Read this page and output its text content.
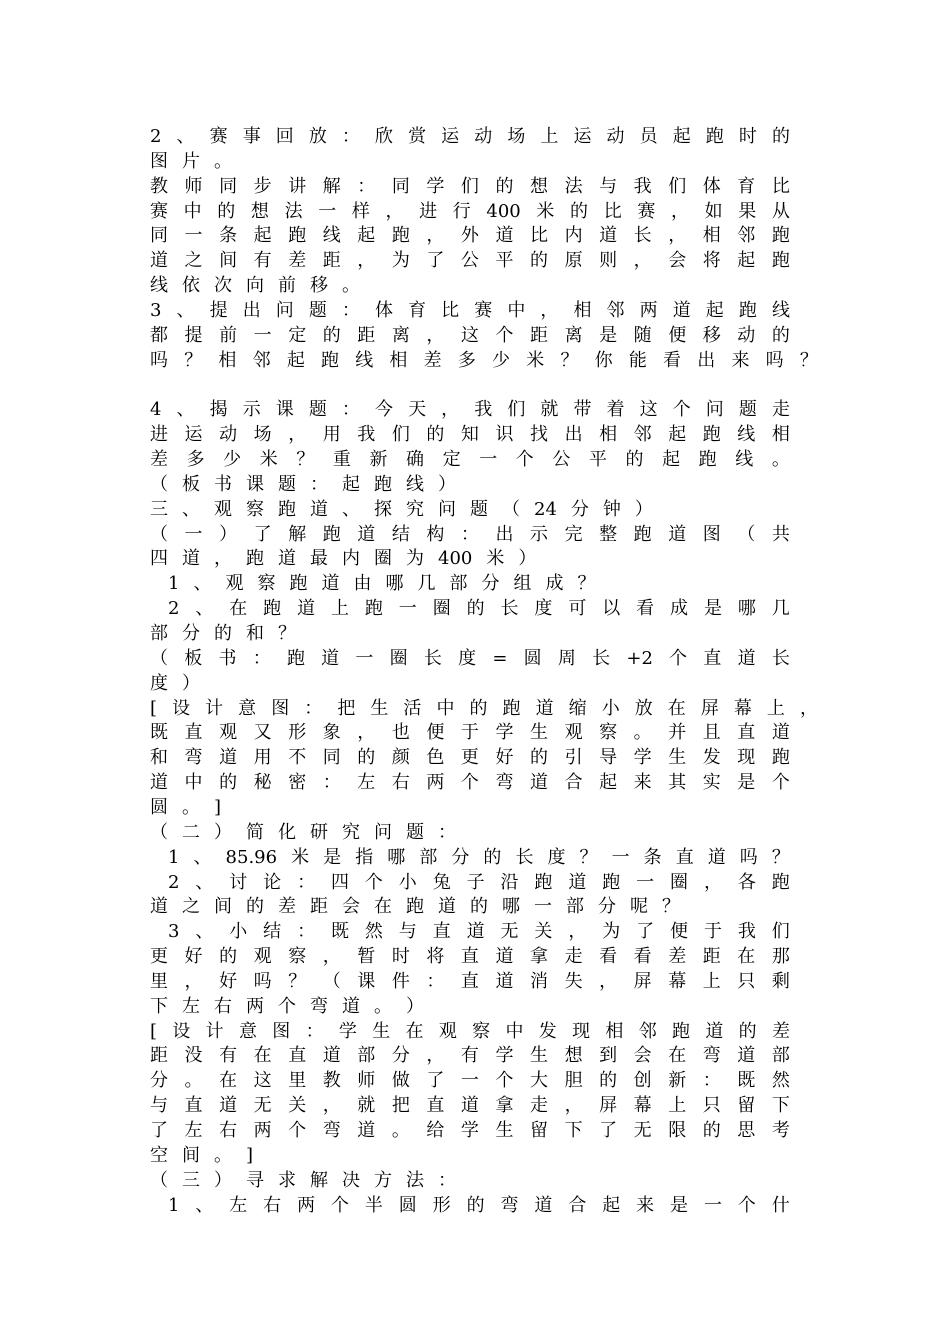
2 、 赛 事 回 放 ： 欣 赏 运 动 场 上 运 动 员 起 跑 时 的
图 片 。
教 师 同 步 讲 解 ： 同 学 们 的 想 法 与 我 们 体 育 比
赛 中 的 想 法 一 样 ， 进 行 400 米 的 比 赛 ， 如 果 从
同 一 条 起 跑 线 起 跑 ， 外 道 比 内 道 长 ， 相 邻 跑
道 之 间 有 差 距 ， 为 了 公 平 的 原 则 ， 会 将 起 跑
线 依 次 向 前 移 。
3 、 提 出 问 题 ： 体 育 比 赛 中 ， 相 邻 两 道 起 跑 线
都 提 前 一 定 的 距 离 ， 这 个 距 离 是 随 便 移 动 的
吗 ？ 相 邻 起 跑 线 相 差 多 少 米 ？ 你 能 看 出 来 吗 ？
4 、 揭 示 课 题 ： 今 天 ， 我 们 就 带 着 这 个 问 题 走
进 运 动 场 ， 用 我 们 的 知 识 找 出 相 邻 起 跑 线 相
差 多 少 米 ？ 重 新 确 定 一 个 公 平 的 起 跑 线 。
（ 板 书 课 题 ： 起 跑 线 ）
三 、 观 察 跑 道 、 探 究 问 题 （ 24 分 钟 ）
（ 一 ） 了 解 跑 道 结 构 ： 出 示 完 整 跑 道 图 （ 共
四 道 ， 跑 道 最 内 圈 为 400 米 ）
1 、 观 察 跑 道 由 哪 几 部 分 组 成 ？
2 、 在 跑 道 上 跑 一 圈 的 长 度 可 以 看 成 是 哪 几
部 分 的 和 ？
（ 板 书 ： 跑 道 一 圈 长 度 = 圆 周 长 +2 个 直 道 长
度 ）
[ 设 计 意 图 ： 把 生 活 中 的 跑 道 缩 小 放 在 屏 幕 上 ，
既 直 观 又 形 象 ， 也 便 于 学 生 观 察 。 并 且 直 道
和 弯 道 用 不 同 的 颜 色 更 好 的 引 导 学 生 发 现 跑
道 中 的 秘 密 ： 左 右 两 个 弯 道 合 起 来 其 实 是 个
圆 。 ]
（ 二 ） 简 化 研 究 问 题 ：
1 、 85.96 米 是 指 哪 部 分 的 长 度 ？ 一 条 直 道 吗 ？
2 、 讨 论 ： 四 个 小 兔 子 沿 跑 道 跑 一 圈 ， 各 跑
道 之 间 的 差 距 会 在 跑 道 的 哪 一 部 分 呢 ？
3 、 小 结 ： 既 然 与 直 道 无 关 ， 为 了 便 于 我 们
更 好 的 观 察 ， 暂 时 将 直 道 拿 走 看 看 差 距 在 那
里 ， 好 吗 ？ （ 课 件 ： 直 道 消 失 ， 屏 幕 上 只 剩
下 左 右 两 个 弯 道 。 ）
[ 设 计 意 图 ： 学 生 在 观 察 中 发 现 相 邻 跑 道 的 差
距 没 有 在 直 道 部 分 ， 有 学 生 想 到 会 在 弯 道 部
分 。 在 这 里 教 师 做 了 一 个 大 胆 的 创 新 ： 既 然
与 直 道 无 关 ， 就 把 直 道 拿 走 ， 屏 幕 上 只 留 下
了 左 右 两 个 弯 道 。 给 学 生 留 下 了 无 限 的 思 考
空 间 。 ]
（ 三 ） 寻 求 解 决 方 法 ：
1 、 左 右 两 个 半 圆 形 的 弯 道 合 起 来 是 一 个 什
